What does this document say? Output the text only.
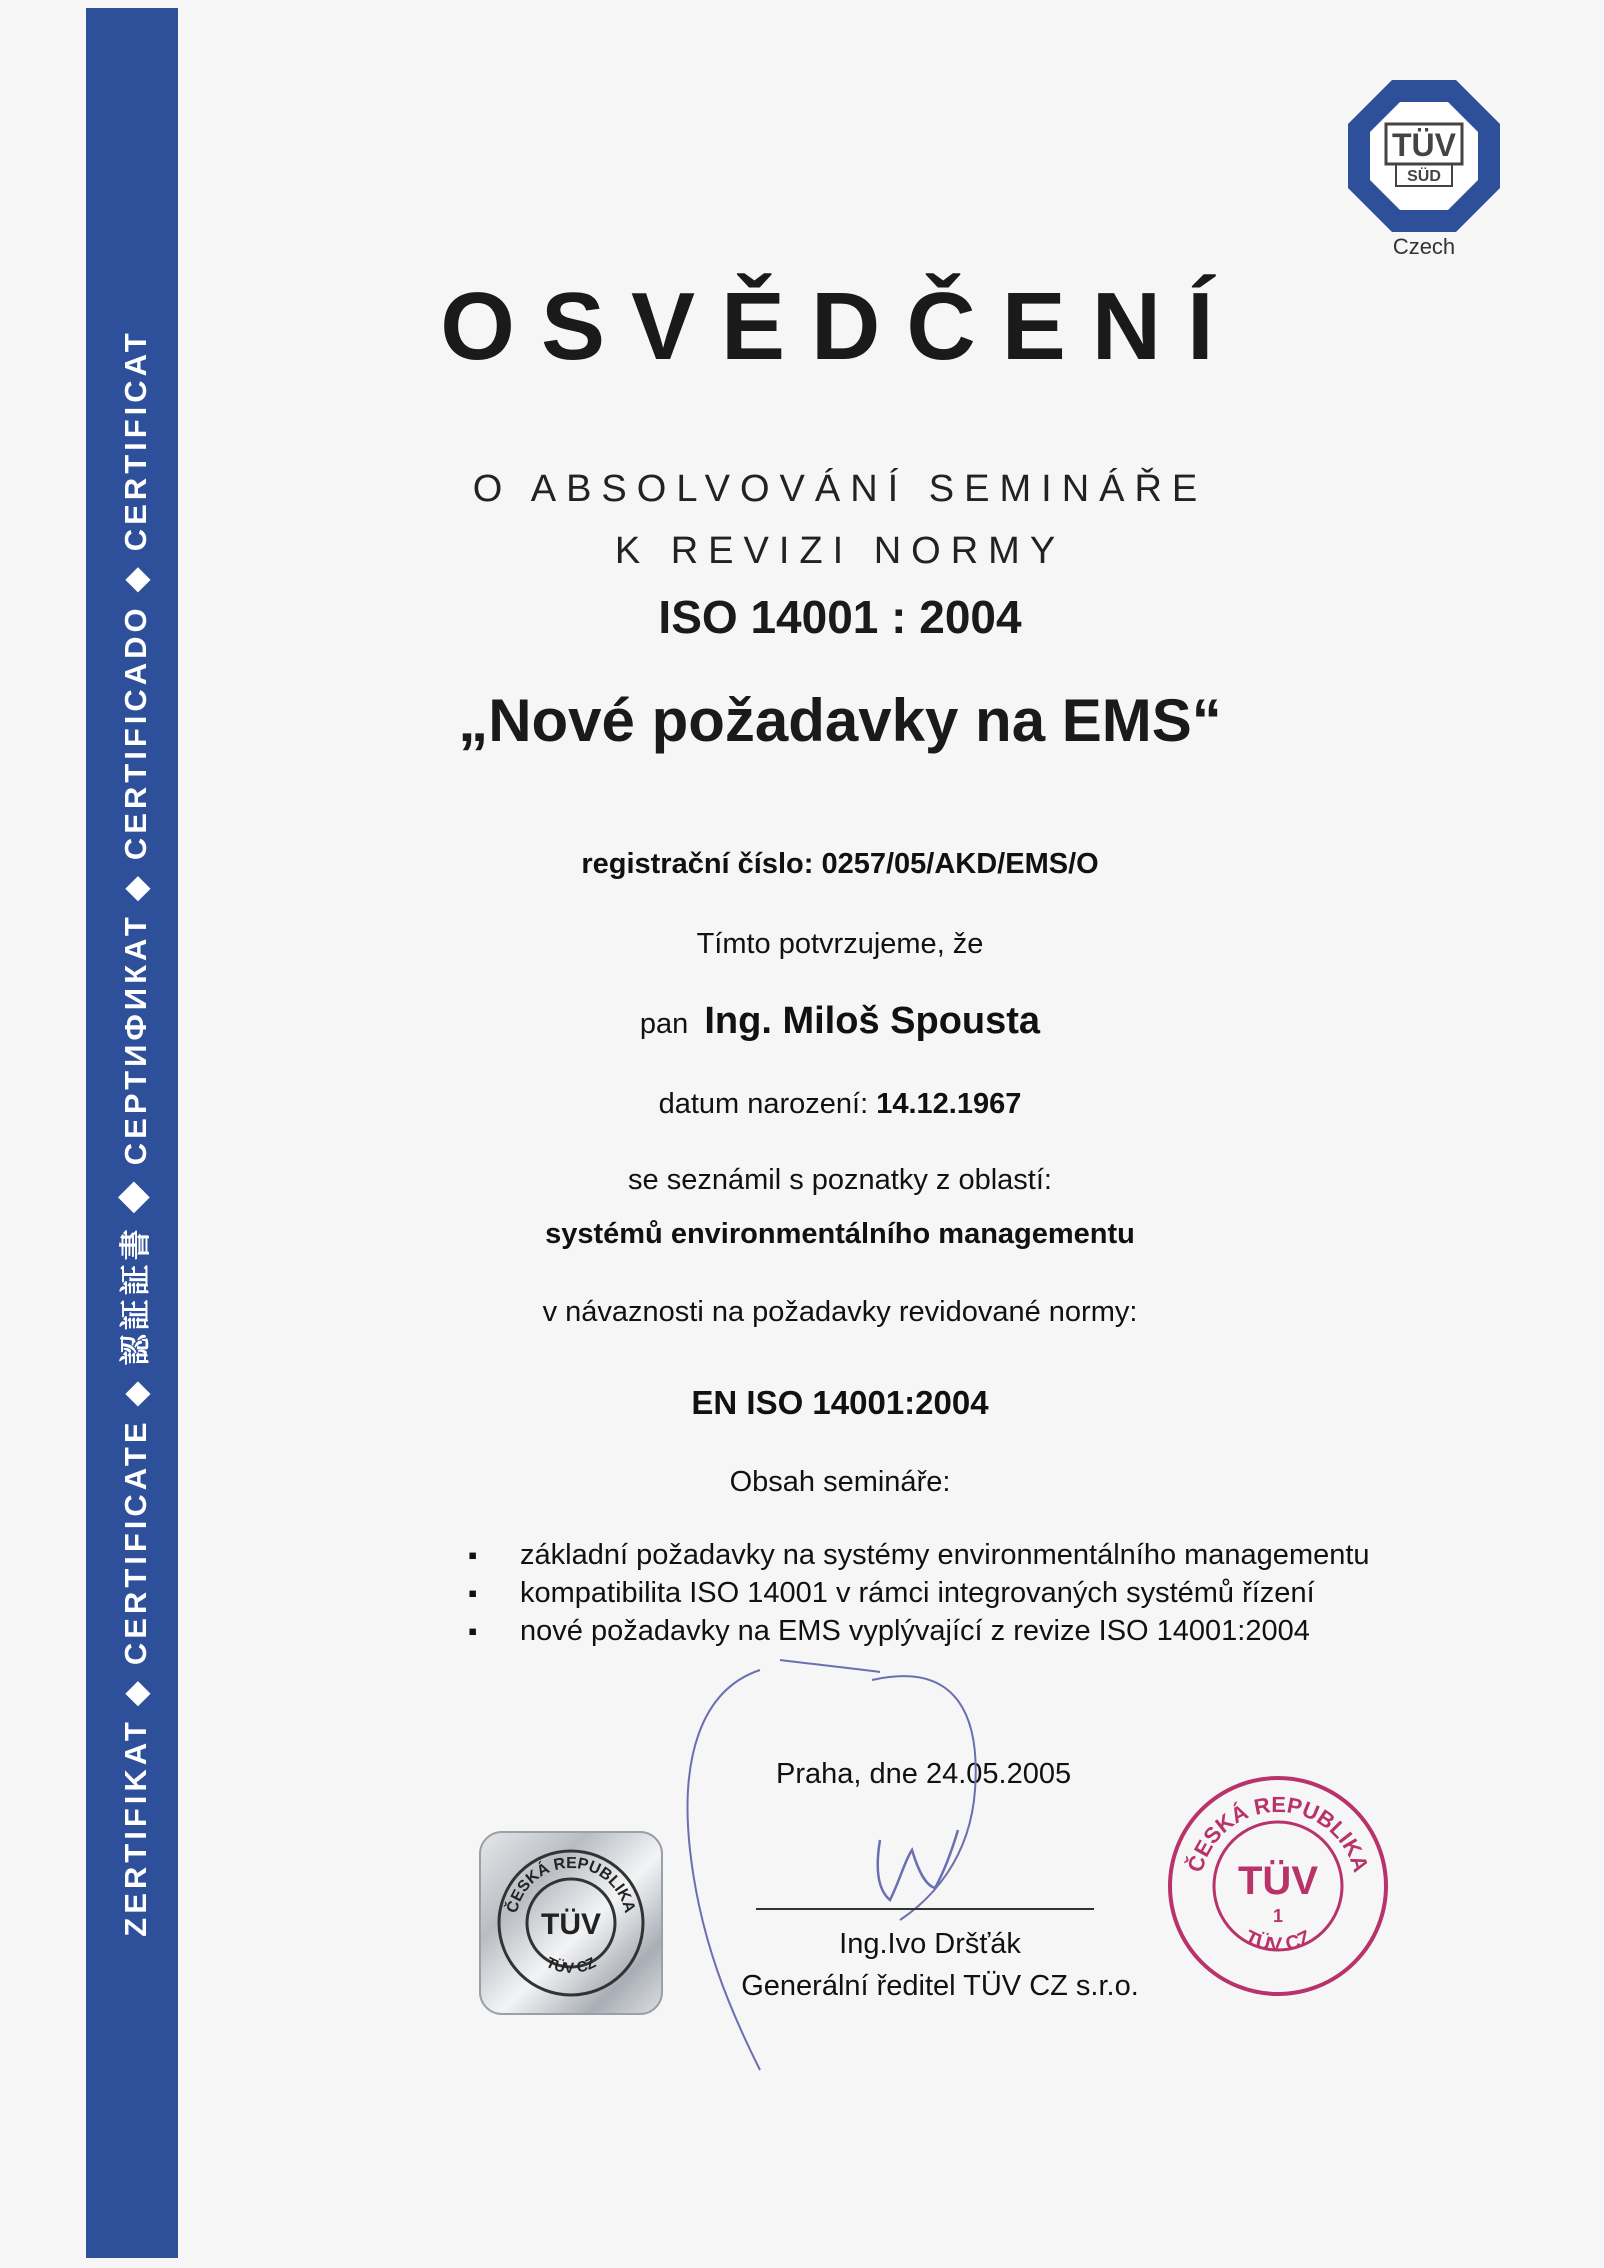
ZERTIFIKAT ◆ CERTIFICATE ◆ 認証証書 ◆ СЕРТИФИКАТ ◆ CERTIFICADO ◆ CERTIFICAT
TÜV
SÜD
Czech
OSVĚDČENÍ
O ABSOLVOVÁNÍ SEMINÁŘE
K REVIZI NORMY
ISO 14001 : 2004
„Nové požadavky na EMS“
registrační číslo: 0257/05/AKD/EMS/O
Tímto potvrzujeme, že
pan Ing. Miloš Spousta
datum narození: 14.12.1967
se seznámil s poznatky z oblastí:
systémů environmentálního managementu
v návaznosti na požadavky revidované normy:
EN ISO 14001:2004
Obsah semináře:
▪ základní požadavky na systémy environmentálního managementu
▪ kompatibilita ISO 14001 v rámci integrovaných systémů řízení
▪ nové požadavky na EMS vyplývající z revize ISO 14001:2004
Praha, dne 24.05.2005
Ing.Ivo Dršťák
Generální ředitel TÜV CZ s.r.o.
ČESKÁ REPUBLIKA
TÜV
TÜV CZ
ČESKÁ REPUBLIKA
TÜV
1
TÜV CZ
